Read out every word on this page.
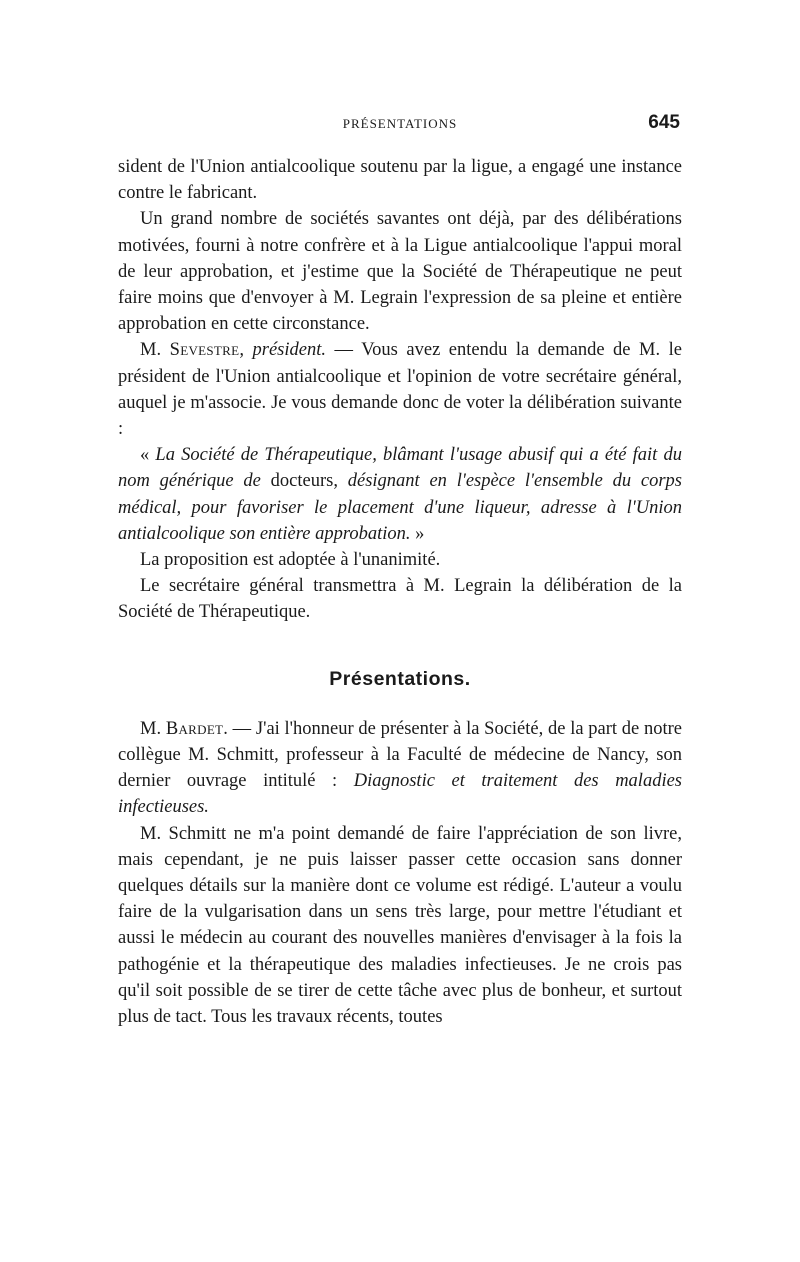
PRÉSENTATIONS	645

sident de l'Union antialcoolique soutenu par la ligue, a engagé une instance contre le fabricant.

Un grand nombre de sociétés savantes ont déjà, par des délibérations motivées, fourni à notre confrère et à la Ligue antialcoolique l'appui moral de leur approbation, et j'estime que la Société de Thérapeutique ne peut faire moins que d'envoyer à M. Legrain l'expression de sa pleine et entière approbation en cette circonstance.

M. Sevestre, président. — Vous avez entendu la demande de M. le président de l'Union antialcoolique et l'opinion de votre secrétaire général, auquel je m'associe. Je vous demande donc de voter la délibération suivante :

« La Société de Thérapeutique, blâmant l'usage abusif qui a été fait du nom générique de docteurs, désignant en l'espèce l'ensemble du corps médical, pour favoriser le placement d'une liqueur, adresse à l'Union antialcoolique son entière approbation. »

La proposition est adoptée à l'unanimité.

Le secrétaire général transmettra à M. Legrain la délibération de la Société de Thérapeutique.

Présentations.

M. Bardet. — J'ai l'honneur de présenter à la Société, de la part de notre collègue M. Schmitt, professeur à la Faculté de médecine de Nancy, son dernier ouvrage intitulé : Diagnostic et traitement des maladies infectieuses.

M. Schmitt ne m'a point demandé de faire l'appréciation de son livre, mais cependant, je ne puis laisser passer cette occasion sans donner quelques détails sur la manière dont ce volume est rédigé. L'auteur a voulu faire de la vulgarisation dans un sens très large, pour mettre l'étudiant et aussi le médecin au courant des nouvelles manières d'envisager à la fois la pathogénie et la thérapeutique des maladies infectieuses. Je ne crois pas qu'il soit possible de se tirer de cette tâche avec plus de bonheur, et surtout plus de tact. Tous les travaux récents, toutes
